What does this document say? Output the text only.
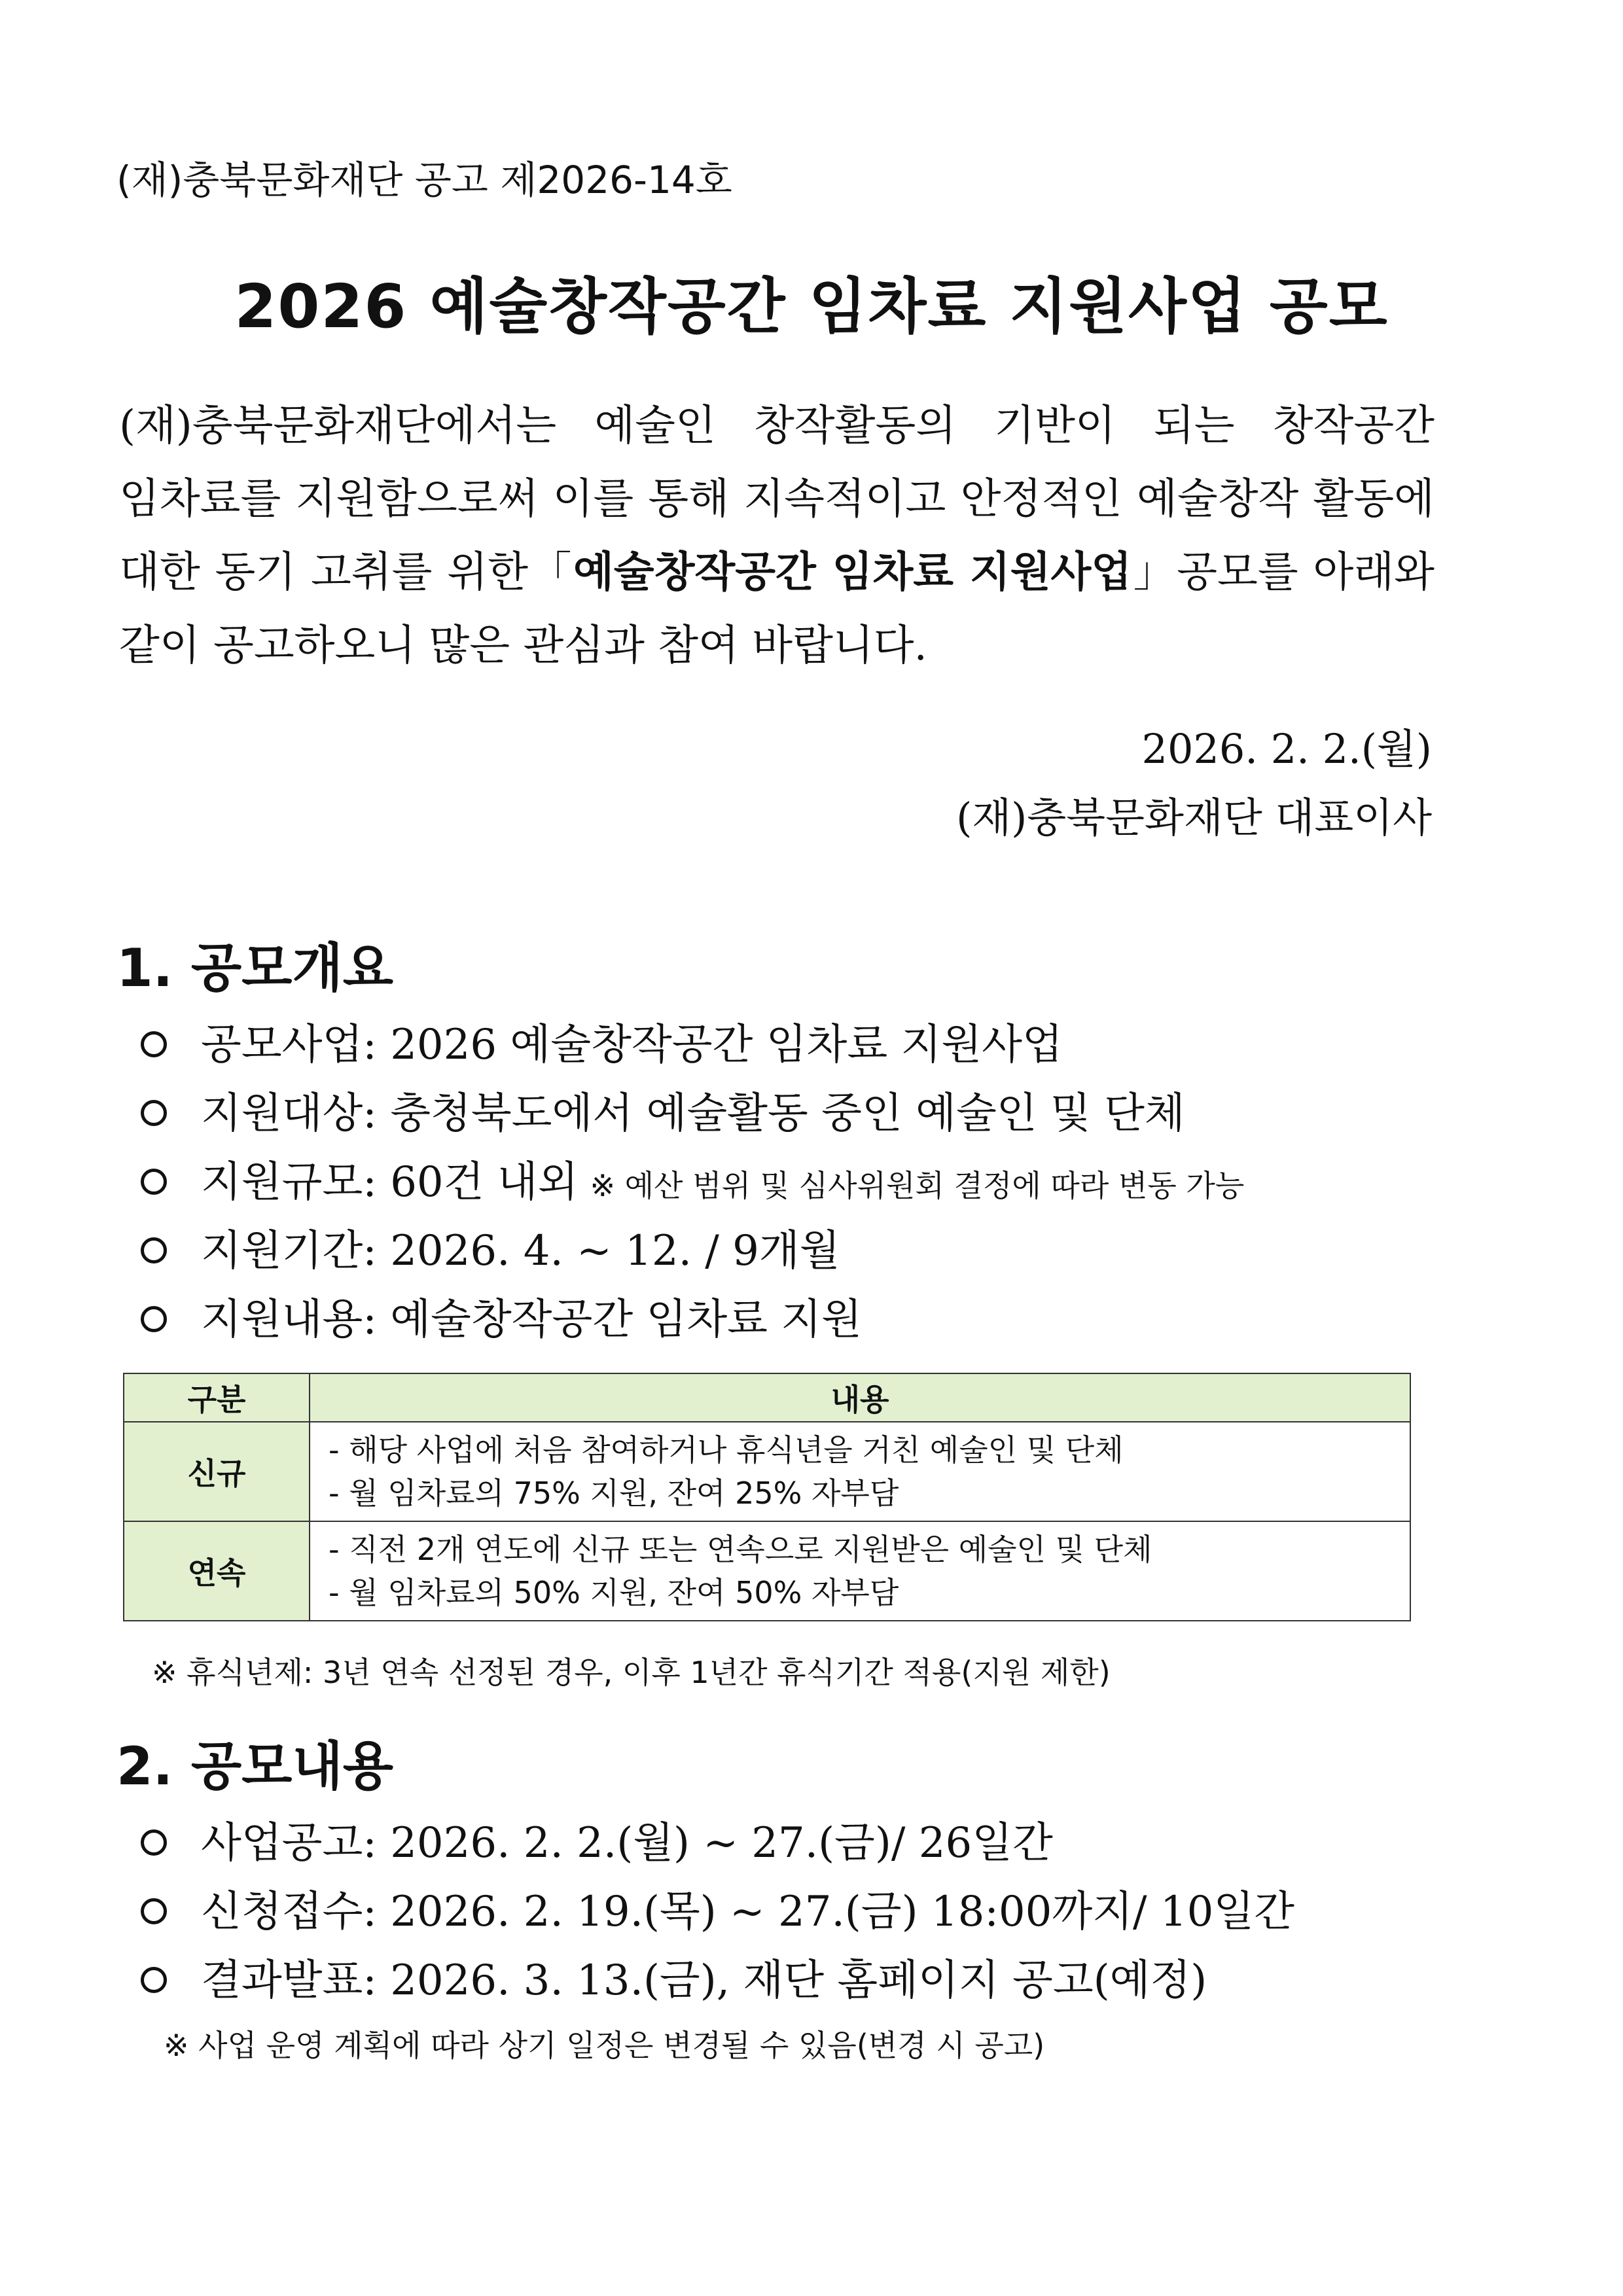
(재)충북문화재단 공고 제2026-14호
2026 예술창작공간 임차료 지원사업 공모
(재)충북문화재단에서는 예술인 창작활동의 기반이 되는 창작공간
임차료를 지원함으로써 이를 통해 지속적이고 안정적인 예술창작 활동에
대한 동기 고취를 위한「예술창작공간 임차료 지원사업」공모를 아래와
같이 공고하오니 많은 관심과 참여 바랍니다.
2026. 2. 2.(월)
(재)충북문화재단 대표이사
1. 공모개요
공모사업: 2026 예술창작공간 임차료 지원사업
지원대상: 충청북도에서 예술활동 중인 예술인 및 단체
지원규모: 60건 내외 ※ 예산 범위 및 심사위원회 결정에 따라 변동 가능
지원기간: 2026. 4. ~ 12. / 9개월
지원내용: 예술창작공간 임차료 지원
구분	내용
신규	- 해당 사업에 처음 참여하거나 휴식년을 거친 예술인 및 단체
- 월 임차료의 75% 지원, 잔여 25% 자부담

연속	- 직전 2개 연도에 신규 또는 연속으로 지원받은 예술인 및 단체
- 월 임차료의 50% 지원, 잔여 50% 자부담
※ 휴식년제: 3년 연속 선정된 경우, 이후 1년간 휴식기간 적용(지원 제한)
2. 공모내용
사업공고: 2026. 2. 2.(월) ~ 27.(금)/ 26일간
신청접수: 2026. 2. 19.(목) ~ 27.(금) 18:00까지/ 10일간
결과발표: 2026. 3. 13.(금), 재단 홈페이지 공고(예정)
※ 사업 운영 계획에 따라 상기 일정은 변경될 수 있음(변경 시 공고)
